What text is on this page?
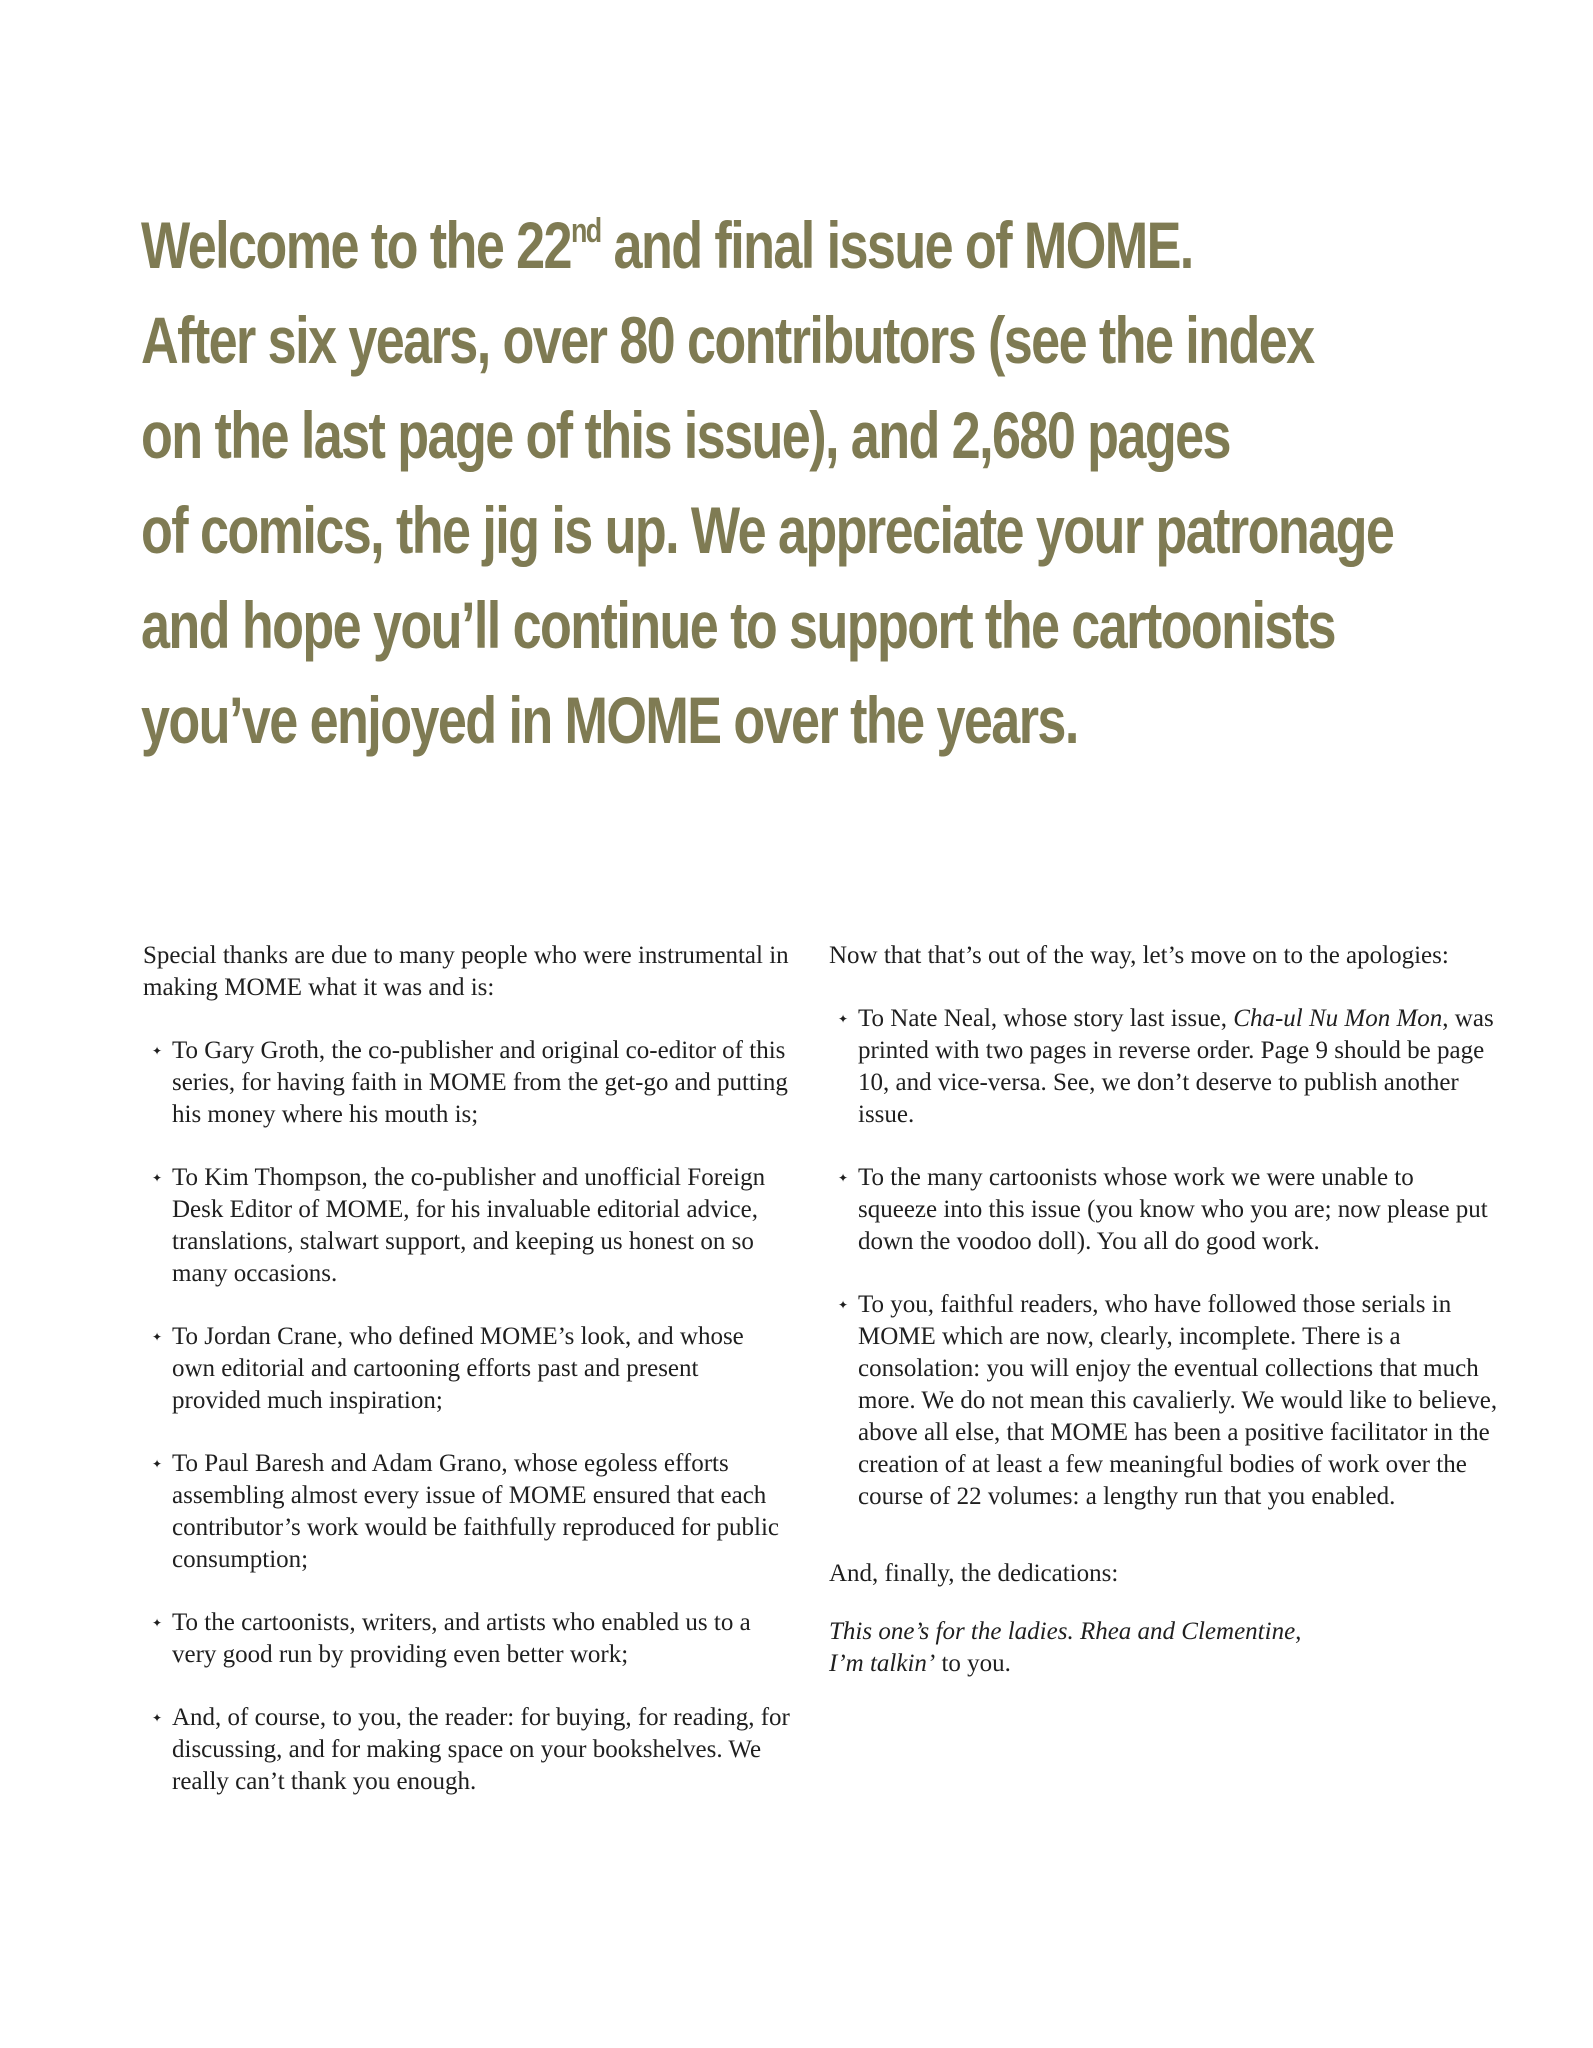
Welcome to the 22nd and final issue of MOME.
After six years, over 80 contributors (see the index
on the last page of this issue), and 2,680 pages
of comics, the jig is up. We appreciate your patronage
and hope you’ll continue to support the cartoonists
you’ve enjoyed in MOME over the years.

Special thanks are due to many people who were instrumental in making MOME what it was and is:

✦
To Gary Groth, the co-publisher and original co-editor of this series, for having faith in MOME from the get-go and putting his money where his mouth is;
✦
To Kim Thompson, the co-publisher and unofficial Foreign Desk Editor of MOME, for his invaluable editorial advice, translations, stalwart support, and keeping us honest on so many occasions.
✦
To Jordan Crane, who defined MOME’s look, and whose own editorial and cartooning efforts past and present provided much inspiration;
✦
To Paul Baresh and Adam Grano, whose egoless efforts assembling almost every issue of MOME ensured that each contributor’s work would be faithfully reproduced for public consumption;
✦
To the cartoonists, writers, and artists who enabled us to a very good run by providing even better work;
✦
And, of course, to you, the reader: for buying, for reading, for discussing, and for making space on your bookshelves. We really can’t thank you enough.

Now that that’s out of the way, let’s move on to the apologies:

✦
To Nate Neal, whose story last issue, Cha-ul Nu Mon Mon, was printed with two pages in reverse order. Page 9 should be page 10, and vice-versa. See, we don’t deserve to publish another issue.
✦
To the many cartoonists whose work we were unable to squeeze into this issue (you know who you are; now please put down the voodoo doll). You all do good work.
✦
To you, faithful readers, who have followed those serials in MOME which are now, clearly, incomplete. There is a consolation: you will enjoy the eventual collections that much more. We do not mean this cavalierly. We would like to believe, above all else, that MOME has been a positive facilitator in the creation of at least a few meaningful bodies of work over the course of 22 volumes: a lengthy run that you enabled.

And, finally, the dedications:

This one’s for the ladies. Rhea and Clementine,
I’m talkin’ to you.
